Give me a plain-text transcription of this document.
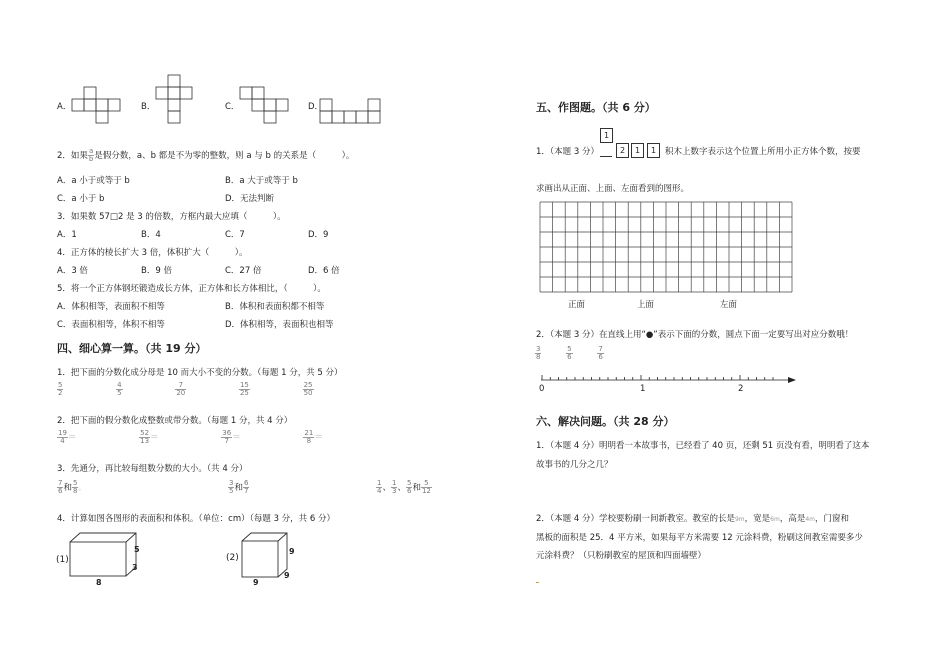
A．	B．	C．	D．
2．如果 $\frac{a}{b}$ 是假分数，a、b 都是不为零的整数，则 a 与 b 的关系是（　　　）。
A．a 小于或等于 b	B．a 大于或等于 b
C．a 小于 b	D．无法判断
3．如果数 57□2 是 3 的倍数，方框内最大应填（　　　）。
A．1	B．4	C．7	D．9
4．正方体的棱长扩大 3 倍，体积扩大（　　　）。
A．3 倍	B．9 倍	C．27 倍	D．6 倍
5．将一个正方体钢坯锻造成长方体，正方体和长方体相比，（　　　）。
A．体积相等，表面积不相等	B．体积和表面积都不相等
C．表面积相等，体积不相等	D．体积相等，表面积也相等
四、细心算一算。（共 19 分）
1．把下面的分数化成分母是 10 而大小不变的分数。（每题 1 分，共 5 分）
$\frac{5}{2}$
	$\frac{4}{5}$
	$\frac{7}{20}$
	$\frac{15}{25}$
	$\frac{25}{50}$
2．把下面的假分数化成整数或带分数。（每题 1 分，共 4 分）
$\frac{19}{4}$ ＝	$\frac{52}{13}$ ＝	$\frac{36}{7}$ ＝	$\frac{21}{8}$ ＝
3．先通分，再比较每组数分数的大小。（共 4 分）
$\frac{7}{6}$ 和 $\frac{5}{8}$ 。	$\frac{3}{5}$ 和 $\frac{6}{7}$	$\frac{1}{4}$ 、 $\frac{1}{3}$ 、 $\frac{5}{6}$ 和 $\frac{5}{12}$
4．计算如图各图形的表面积和体积。（单位：cm）（每题 3 分，共 6 分）
(1)
5
3
8
(2)
9
9
9
五、作图题。（共 6 分）
1．（本题 3 分）
1
2	1	1	积木上数字表示这个位置上所用小正方体个数，按要
求画出从正面、上面、左面看到的图形。
正面	上面	左面
2．（本题 3 分）在直线上用“●”表示下面的分数，圆点下面一定要写出对应分数哦！
$\frac{3}{8}$
	$\frac{5}{6}$
	$\frac{7}{6}$
0	1	2
六、解决问题。（共 28 分）
1．（本题 4 分）明明看一本故事书，已经看了 40 页，还剩 51 页没有看，明明看了这本
故事书的几分之几？
2．（本题 4 分）学校要粉刷一间新教室。教室的长是9m，宽是6m，高是4m，门窗和
黑板的面积是 25．4 平方米，如果每平方米需要 12 元涂料费，粉刷这间教室需要多少
元涂料费？（只粉刷教室的屋顶和四面墙壁）
